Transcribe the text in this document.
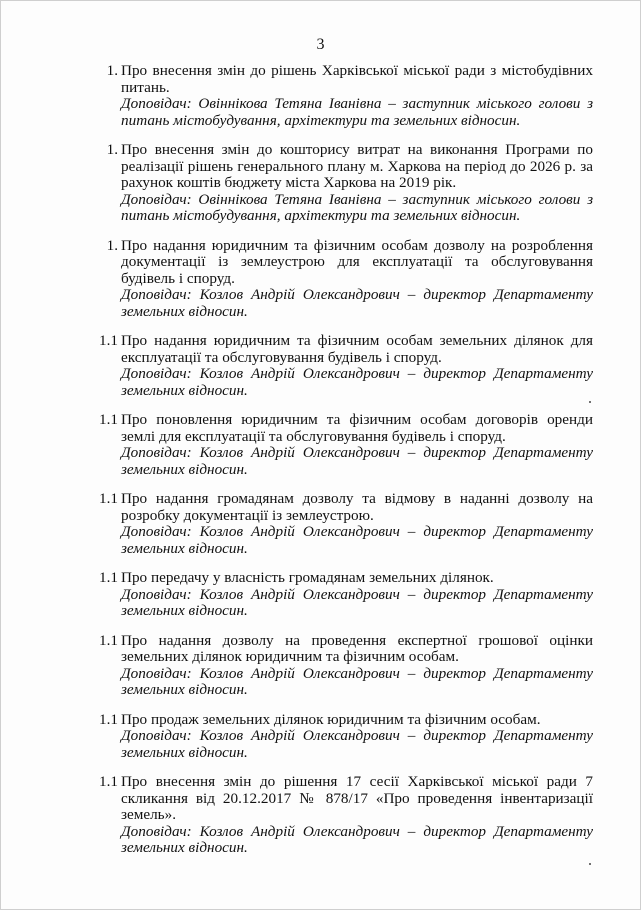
3
1. Про внесення змін до рішень Харківської міської ради з містобудівних питань.
Доповідач: Овіннікова Тетяна Іванівна – заступник міського голови з питань містобудування, архітектури та земельних відносин.
1. Про внесення змін до кошторису витрат на виконання Програми по реалізації рішень генерального плану м. Харкова на період до 2026 р. за рахунок коштів бюджету міста Харкова на 2019 рік.
Доповідач: Овіннікова Тетяна Іванівна – заступник міського голови з питань містобудування, архітектури та земельних відносин.
1. Про надання юридичним та фізичним особам дозволу на розроблення документації із землеустрою для експлуатації та обслуговування будівель і споруд.
Доповідач: Козлов Андрій Олександрович – директор Департаменту земельних відносин.
1.1 Про надання юридичним та фізичним особам земельних ділянок для експлуатації та обслуговування будівель і споруд.
Доповідач: Козлов Андрій Олександрович – директор Департаменту земельних відносин.
1.1 Про поновлення юридичним та фізичним особам договорів оренди землі для експлуатації та обслуговування будівель і споруд.
Доповідач: Козлов Андрій Олександрович – директор Департаменту земельних відносин.
1.1 Про надання громадянам дозволу та відмову в наданні дозволу на розробку документації із землеустрою.
Доповідач: Козлов Андрій Олександрович – директор Департаменту земельних відносин.
1.1 Про передачу у власність громадянам земельних ділянок.
Доповідач: Козлов Андрій Олександрович – директор Департаменту земельних відносин.
1.1 Про надання дозволу на проведення експертної грошової оцінки земельних ділянок юридичним та фізичним особам.
Доповідач: Козлов Андрій Олександрович – директор Департаменту земельних відносин.
1.1 Про продаж земельних ділянок юридичним та фізичним особам.
Доповідач: Козлов Андрій Олександрович – директор Департаменту земельних відносин.
1.1 Про внесення змін до рішення 17 сесії Харківської міської ради 7 скликання від 20.12.2017 № 878/17 «Про проведення інвентаризації земель».
Доповідач: Козлов Андрій Олександрович – директор Департаменту земельних відносин.
